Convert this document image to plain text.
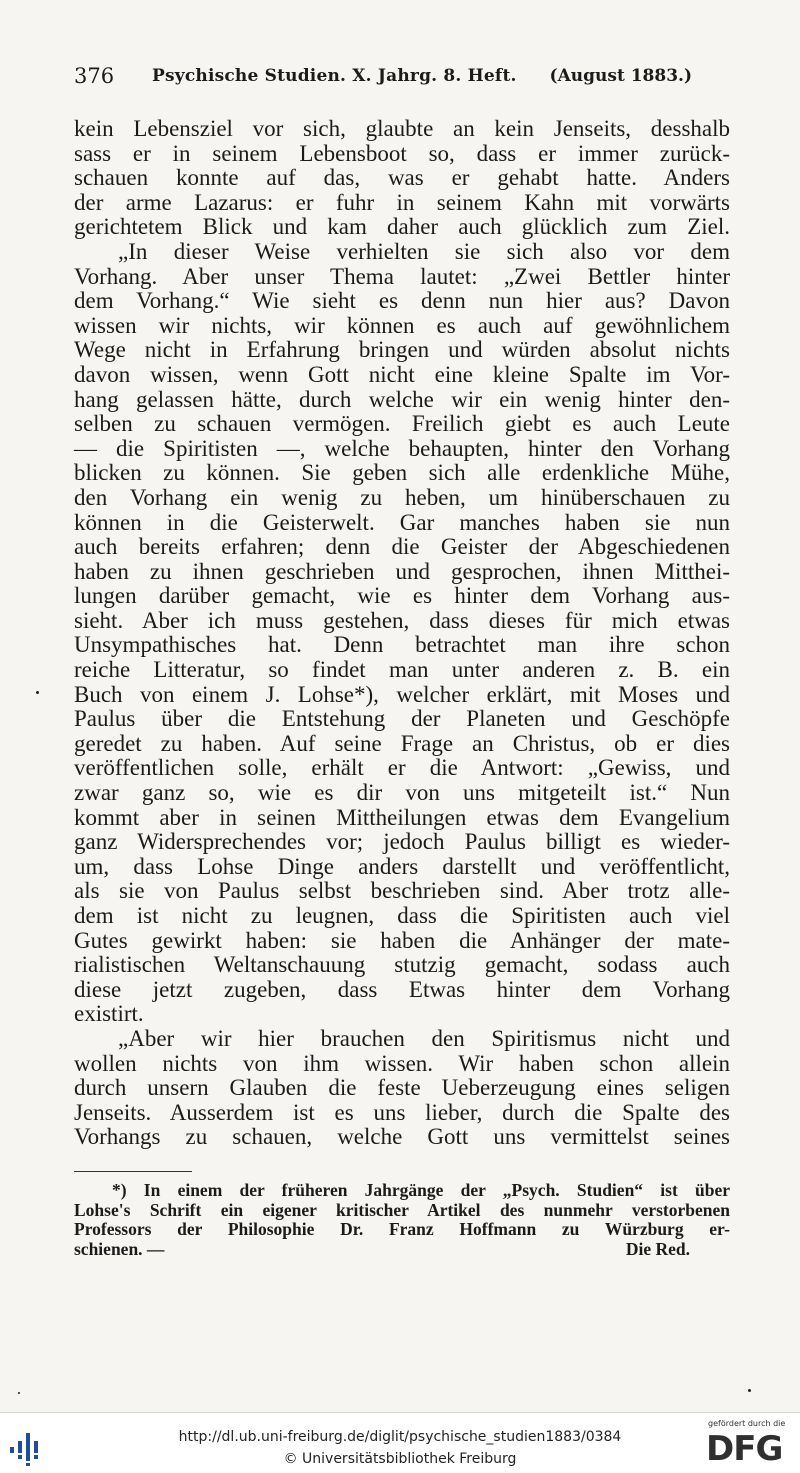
376 Psychische Studien. X. Jahrg. 8. Heft. (August 1883.)
kein Lebensziel vor sich, glaubte an kein Jenseits, desshalb
sass er in seinem Lebensboot so, dass er immer zurück-
schauen konnte auf das, was er gehabt hatte. Anders
der arme Lazarus: er fuhr in seinem Kahn mit vorwärts
gerichtetem Blick und kam daher auch glücklich zum Ziel.
„In dieser Weise verhielten sie sich also vor dem
Vorhang. Aber unser Thema lautet: „Zwei Bettler hinter
dem Vorhang.“ Wie sieht es denn nun hier aus? Davon
wissen wir nichts, wir können es auch auf gewöhnlichem
Wege nicht in Erfahrung bringen und würden absolut nichts
davon wissen, wenn Gott nicht eine kleine Spalte im Vor-
hang gelassen hätte, durch welche wir ein wenig hinter den-
selben zu schauen vermögen. Freilich giebt es auch Leute
— die Spiritisten —, welche behaupten, hinter den Vorhang
blicken zu können. Sie geben sich alle erdenkliche Mühe,
den Vorhang ein wenig zu heben, um hinüberschauen zu
können in die Geisterwelt. Gar manches haben sie nun
auch bereits erfahren; denn die Geister der Abgeschiedenen
haben zu ihnen geschrieben und gesprochen, ihnen Mitthei-
lungen darüber gemacht, wie es hinter dem Vorhang aus-
sieht. Aber ich muss gestehen, dass dieses für mich etwas
Unsympathisches hat. Denn betrachtet man ihre schon
reiche Litteratur, so findet man unter anderen z. B. ein
Buch von einem J. Lohse*), welcher erklärt, mit Moses und
Paulus über die Entstehung der Planeten und Geschöpfe
geredet zu haben. Auf seine Frage an Christus, ob er dies
veröffentlichen solle, erhält er die Antwort: „Gewiss, und
zwar ganz so, wie es dir von uns mitgeteilt ist.“ Nun
kommt aber in seinen Mittheilungen etwas dem Evangelium
ganz Widersprechendes vor; jedoch Paulus billigt es wieder-
um, dass Lohse Dinge anders darstellt und veröffentlicht,
als sie von Paulus selbst beschrieben sind. Aber trotz alle-
dem ist nicht zu leugnen, dass die Spiritisten auch viel
Gutes gewirkt haben: sie haben die Anhänger der mate-
rialistischen Weltanschauung stutzig gemacht, sodass auch
diese jetzt zugeben, dass Etwas hinter dem Vorhang
existirt.
„Aber wir hier brauchen den Spiritismus nicht und
wollen nichts von ihm wissen. Wir haben schon allein
durch unsern Glauben die feste Ueberzeugung eines seligen
Jenseits. Ausserdem ist es uns lieber, durch die Spalte des
Vorhangs zu schauen, welche Gott uns vermittelst seines
*) In einem der früheren Jahrgänge der „Psych. Studien“ ist über
Lohse's Schrift ein eigener kritischer Artikel des nunmehr verstorbenen
Professors der Philosophie Dr. Franz Hoffmann zu Würzburg er-
schienen. —	Die Red.
http://dl.ub.uni-freiburg.de/diglit/psychische_studien1883/0384
© Universitätsbibliothek Freiburg
gefördert durch die
DFG
